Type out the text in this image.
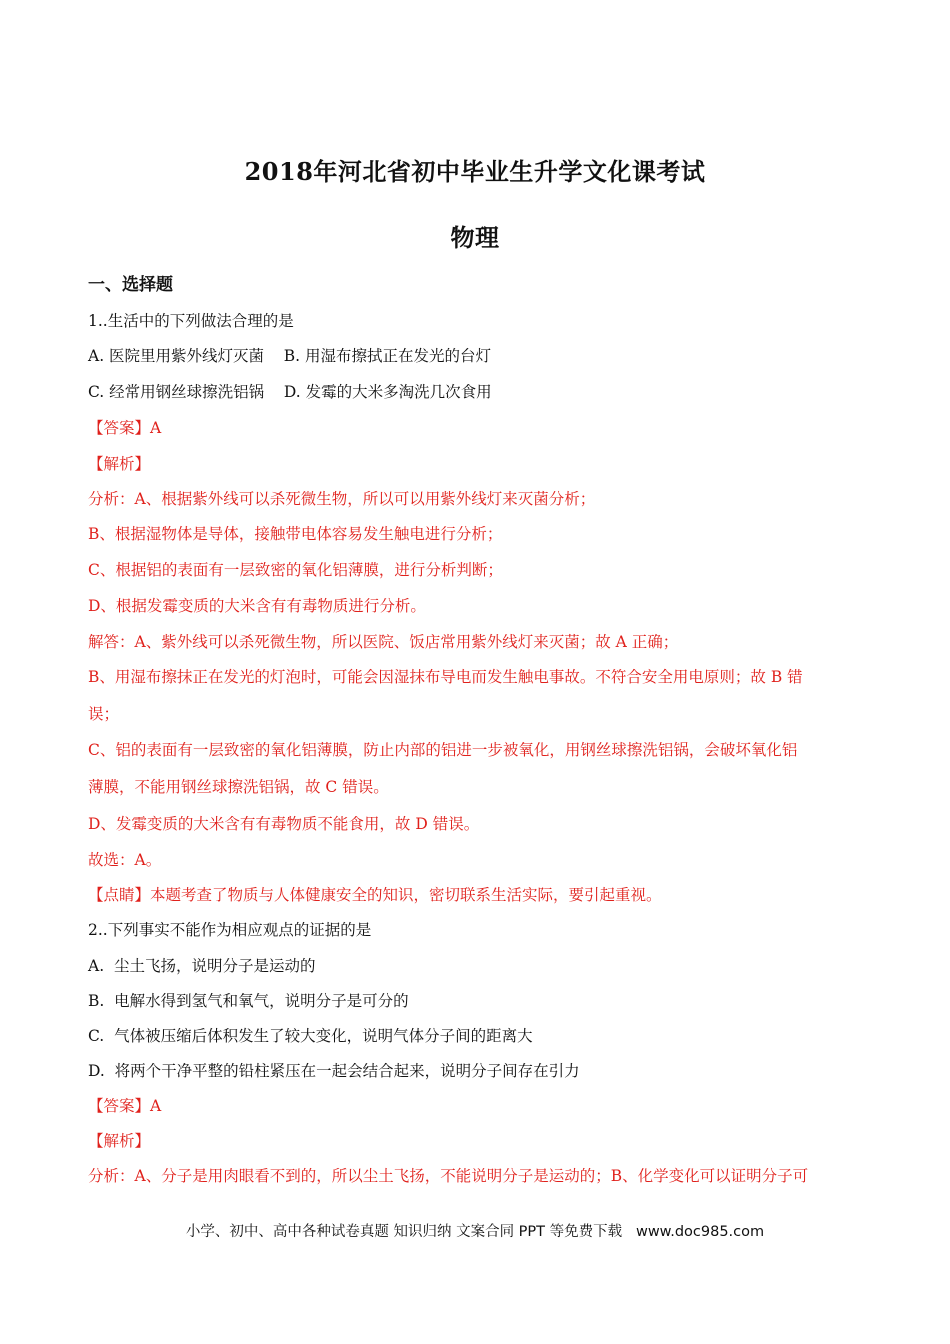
2018年河北省初中毕业生升学文化课考试
物理
一、选择题
1..生活中的下列做法合理的是
A. 医院里用紫外线灯灭菌    B. 用湿布擦拭正在发光的台灯
C. 经常用钢丝球擦洗铝锅    D. 发霉的大米多淘洗几次食用
【答案】A
【解析】
分析：A、根据紫外线可以杀死微生物，所以可以用紫外线灯来灭菌分析；
B、根据湿物体是导体，接触带电体容易发生触电进行分析；
C、根据铝的表面有一层致密的氧化铝薄膜，进行分析判断；
D、根据发霉变质的大米含有有毒物质进行分析。
解答：A、紫外线可以杀死微生物，所以医院、饭店常用紫外线灯来灭菌；故 A 正确；
B、用湿布擦抹正在发光的灯泡时，可能会因湿抹布导电而发生触电事故。不符合安全用电原则；故 B 错
误；
C、铝的表面有一层致密的氧化铝薄膜，防止内部的铝进一步被氧化，用钢丝球擦洗铝锅，会破坏氧化铝
薄膜，不能用钢丝球擦洗铝锅，故 C 错误。
D、发霉变质的大米含有有毒物质不能食用，故 D 错误。
故选：A。
【点睛】本题考查了物质与人体健康安全的知识，密切联系生活实际，要引起重视。
2..下列事实不能作为相应观点的证据的是
A.  尘土飞扬，说明分子是运动的
B.  电解水得到氢气和氧气，说明分子是可分的
C.  气体被压缩后体积发生了较大变化，说明气体分子间的距离大
D.  将两个干净平整的铅柱紧压在一起会结合起来，说明分子间存在引力
【答案】A
【解析】
分析：A、分子是用肉眼看不到的，所以尘土飞扬，不能说明分子是运动的；B、化学变化可以证明分子可
小学、初中、高中各种试卷真题 知识归纳 文案合同 PPT 等免费下载   www.doc985.com
